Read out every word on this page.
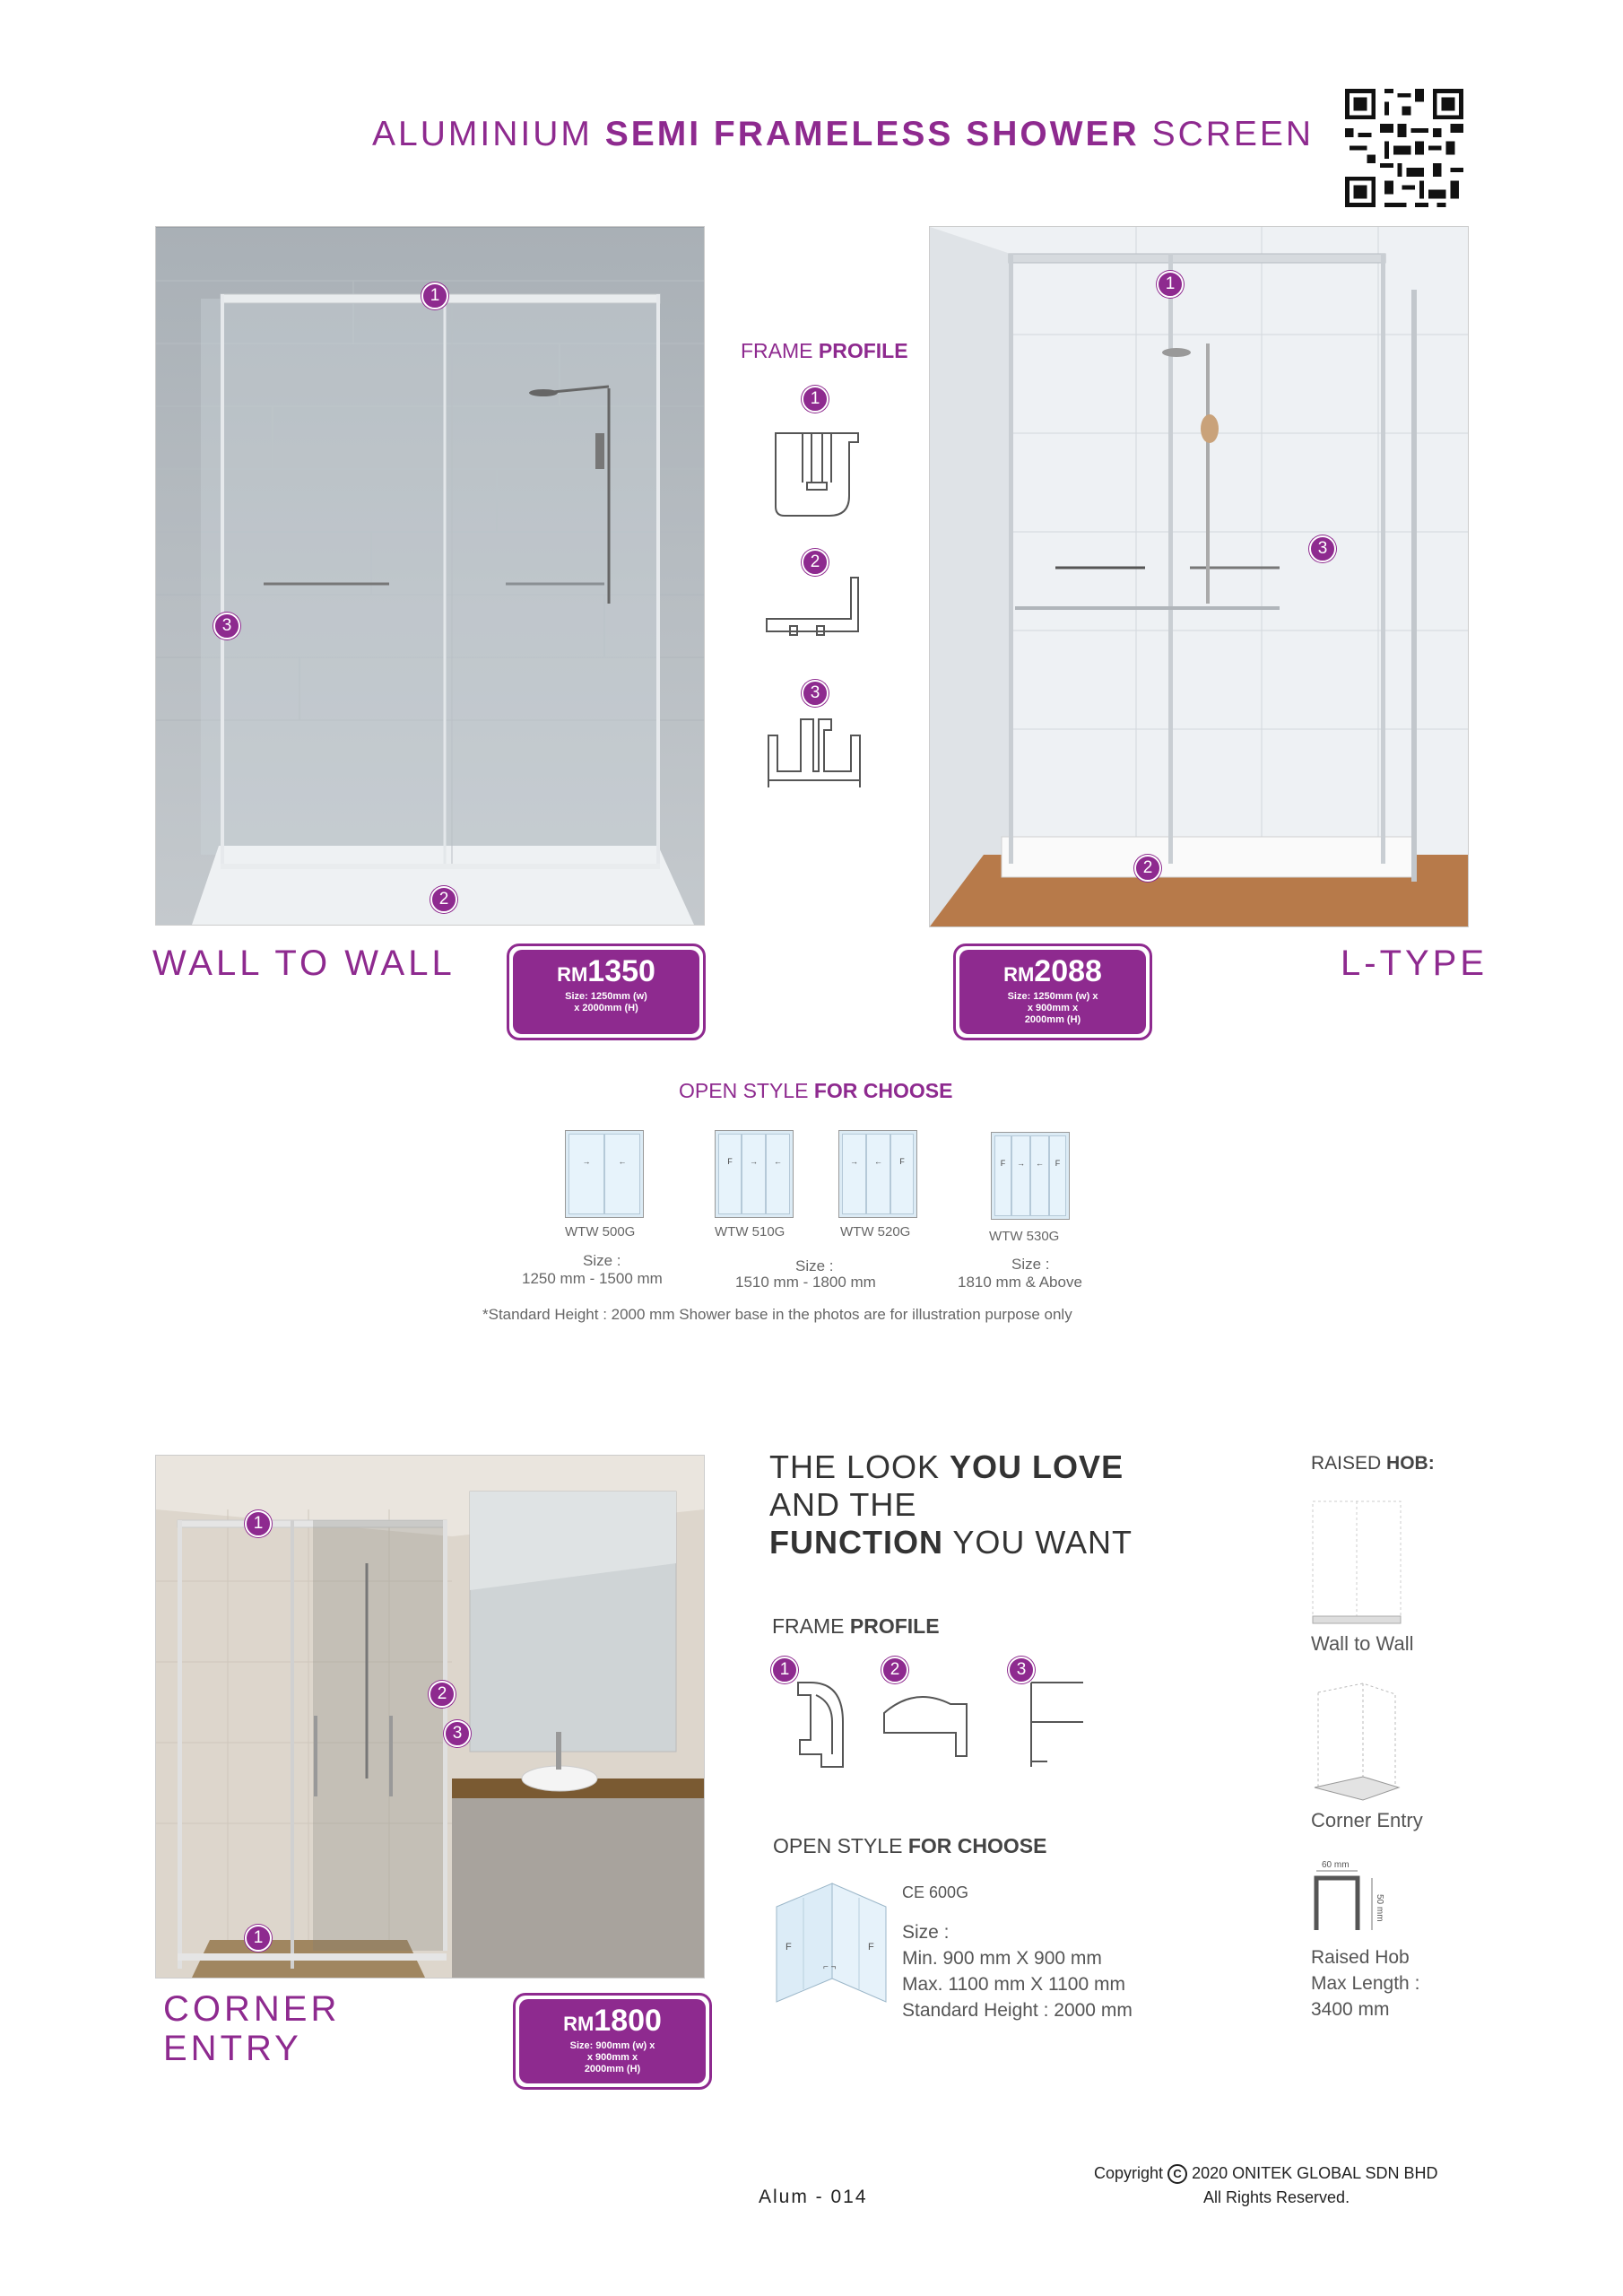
ALUMINIUM SEMI FRAMELESS SHOWER SCREEN
1
3
2
FRAME PROFILE
1
2
3
1
3
2
WALL TO WALL	RM1350
Size: 1250mm (w)
x 2000mm (H)
RM2088
Size: 1250mm (w) x
x 900mm x
2000mm (H)
L-TYPE
OPEN STYLE FOR CHOOSE
→	←	F	→	←	→	←	F	F	→	←	F
WTW 500G	WTW 510G	WTW 520G	WTW 530G
Size :
1250 mm - 1500 mm
Size :
1510 mm - 1800 mm
Size :
1810 mm & Above
*Standard Height : 2000 mm Shower base in the photos are for illustration purpose only
1
2
3
1
CORNER
ENTRY
RM1800
Size: 900mm (w) x
x 900mm x
2000mm (H)
THE LOOK YOU LOVE
AND THE
FUNCTION YOU WANT
FRAME PROFILE
1	2	3
OPEN STYLE FOR CHOOSE
F	F
⌐ ¬
CE 600G
Size :
Min. 900 mm X 900 mm
Max. 1100 mm X 1100 mm
Standard Height : 2000 mm
RAISED HOB:
Wall to Wall
Corner Entry
60 mm
50 mm
Raised Hob
Max Length :
3400 mm
Copyright C 2020 ONITEK GLOBAL SDN BHD
All Rights Reserved.
Alum - 014
